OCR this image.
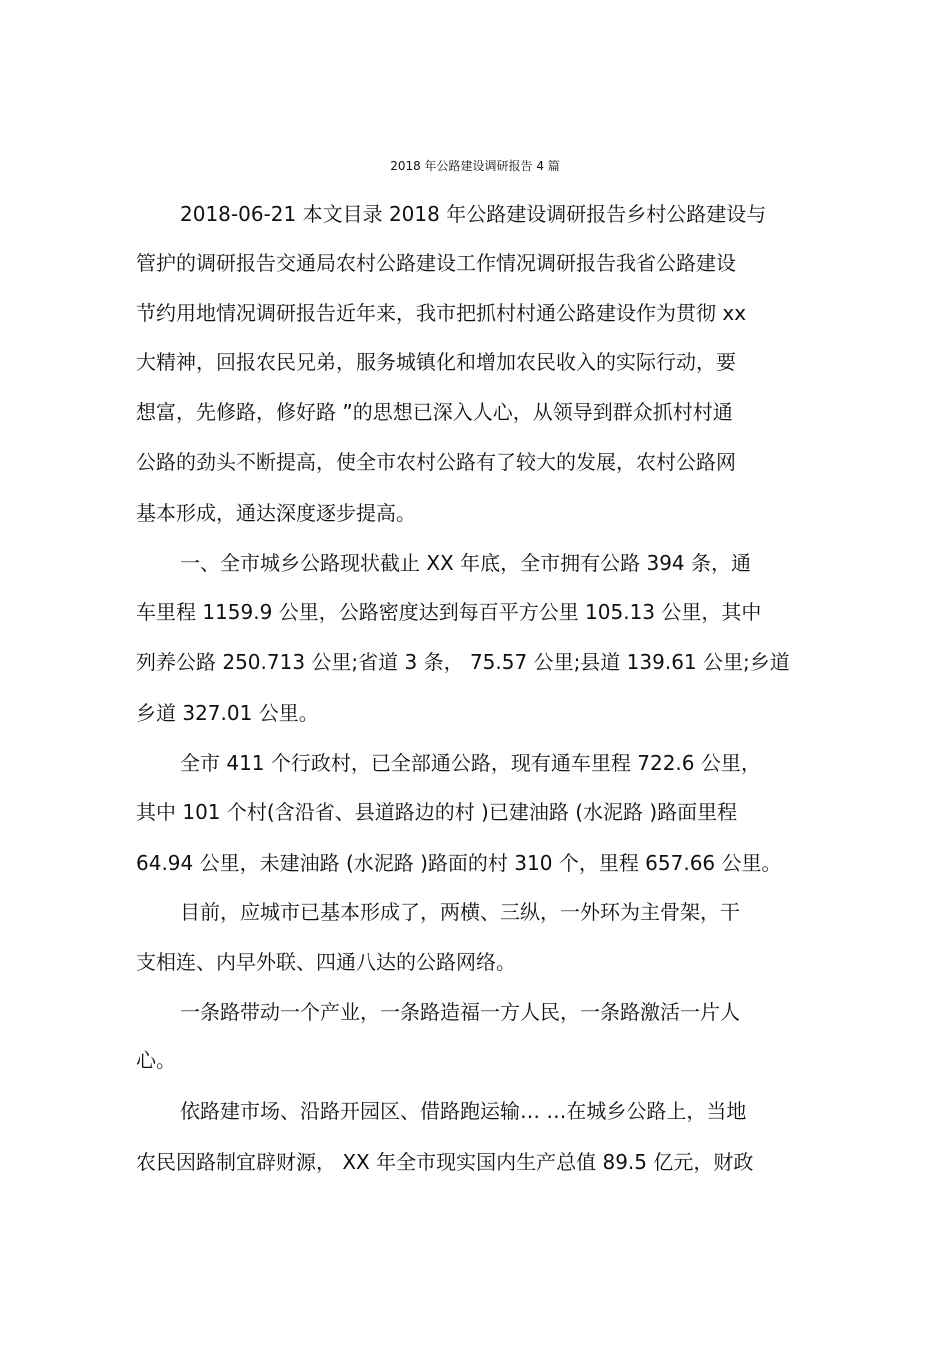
2018 年公路建设调研报告 4 篇
2018-06-21 本文目录 2018 年公路建设调研报告乡村公路建设与
管护的调研报告交通局农村公路建设工作情况调研报告我省公路建设
节约用地情况调研报告近年来，我市把抓村村通公路建设作为贯彻 xx
大精神，回报农民兄弟，服务城镇化和增加农民收入的实际行动，要
想富，先修路，修好路 ”的思想已深入人心，从领导到群众抓村村通
公路的劲头不断提高，使全市农村公路有了较大的发展，农村公路网
基本形成，通达深度逐步提高。
一、全市城乡公路现状截止 XX 年底，全市拥有公路 394 条，通
车里程 1159.9 公里，公路密度达到每百平方公里 105.13 公里，其中
列养公路 250.713 公里;省道 3 条， 75.57 公里;县道 139.61 公里;乡道
乡道 327.01 公里。
全市 411 个行政村，已全部通公路，现有通车里程 722.6 公里，
其中 101 个村(含沿省、县道路边的村 )已建油路 (水泥路 )路面里程
64.94 公里，未建油路 (水泥路 )路面的村 310 个，里程 657.66 公里。
目前，应城市已基本形成了，两横、三纵，一外环为主骨架，干
支相连、内早外联、四通八达的公路网络。
一条路带动一个产业，一条路造福一方人民，一条路激活一片人
心。
依路建市场、沿路开园区、借路跑运输… …在城乡公路上，当地
农民因路制宜辟财源， XX 年全市现实国内生产总值 89.5 亿元，财政
